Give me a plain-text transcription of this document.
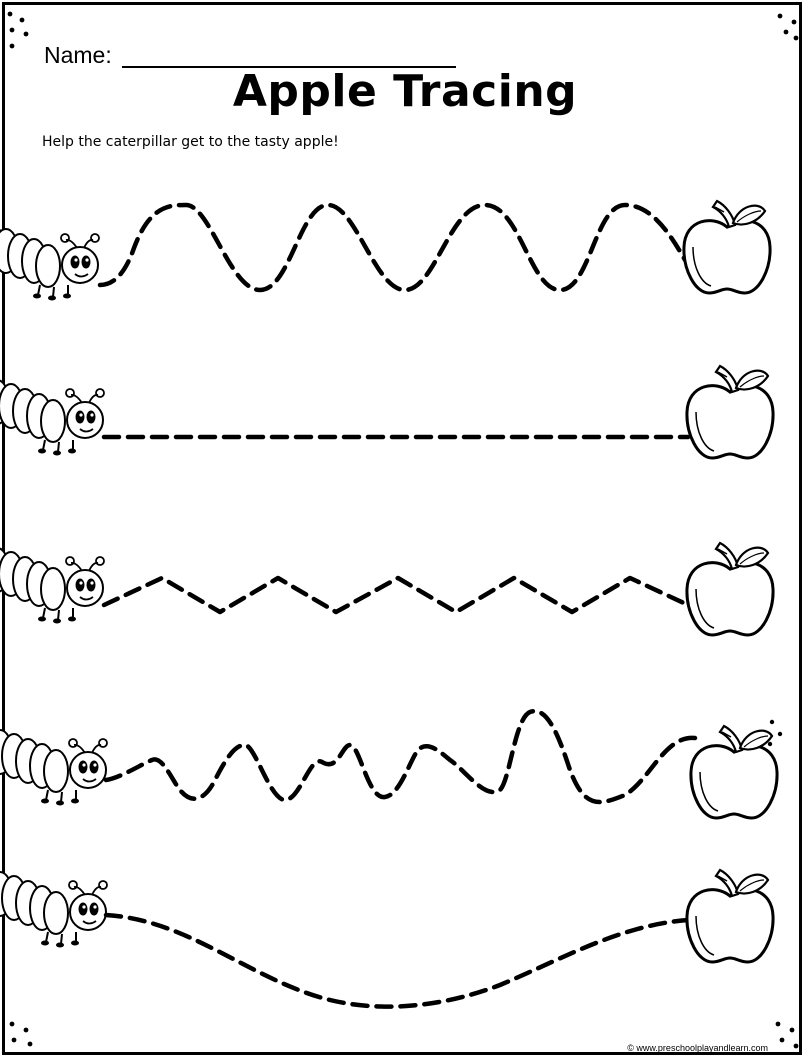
Name:
Apple Tracing
Help the caterpillar get to the tasty apple!
© www.preschoolplayandlearn.com
